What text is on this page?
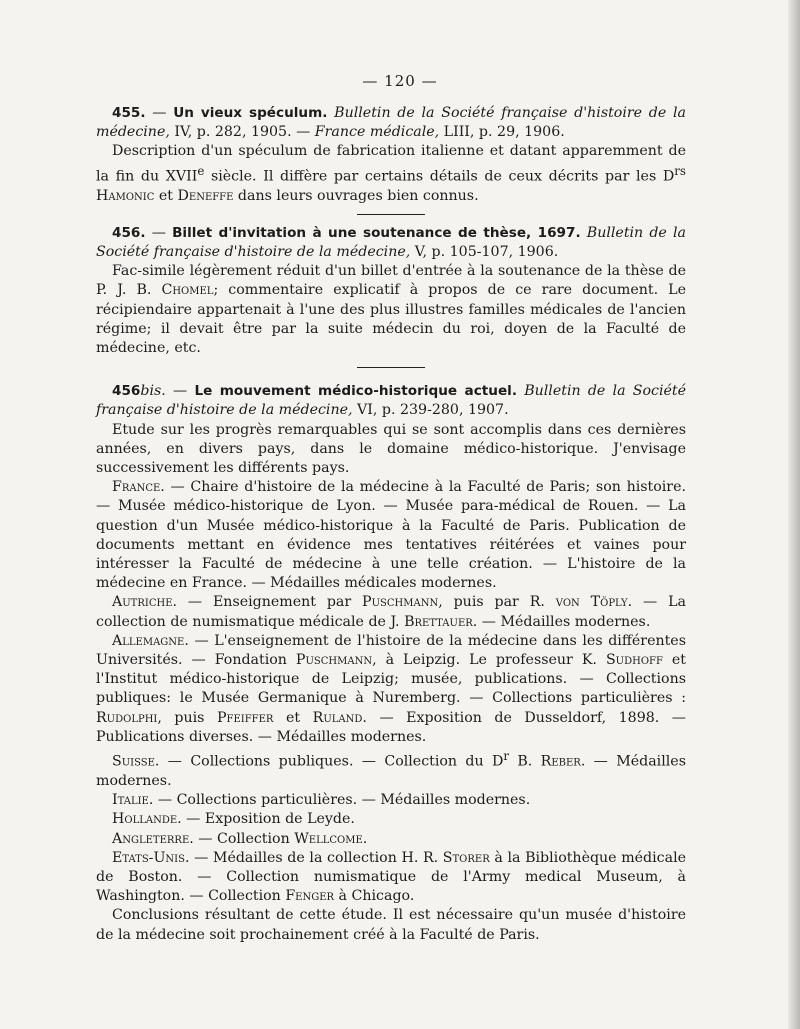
— 120 —

455. — Un vieux spéculum. Bulletin de la Société française d'histoire de la médecine, IV, p. 282, 1905. — France médicale, LIII, p. 29, 1906.

Description d'un spéculum de fabrication italienne et datant apparemment de la fin du XVIIe siècle. Il diffère par certains détails de ceux décrits par les $D^{rs}$ Hamonic et Deneffe dans leurs ouvrages bien connus.

456. — Billet d'invitation à une soutenance de thèse, 1697. Bulletin de la Société française d'histoire de la médecine, V, p. 105-107, 1906.

Fac-simile légèrement réduit d'un billet d'entrée à la soutenance de la thèse de P. J. B. Chomel; commentaire explicatif à propos de ce rare document. Le récipiendaire appartenait à l'une des plus illustres familles médicales de l'ancien régime; il devait être par la suite médecin du roi, doyen de la Faculté de médecine, etc.

456bis. — Le mouvement médico-historique actuel. Bulletin de la Société française d'histoire de la médecine, VI, p. 239-280, 1907.

Etude sur les progrès remarquables qui se sont accomplis dans ces dernières années, en divers pays, dans le domaine médico-historique. J'envisage successivement les différents pays.

France. — Chaire d'histoire de la médecine à la Faculté de Paris; son histoire. — Musée médico-historique de Lyon. — Musée para-médical de Rouen. — La question d'un Musée médico-historique à la Faculté de Paris. Publication de documents mettant en évidence mes tentatives réitérées et vaines pour intéresser la Faculté de médecine à une telle création. — L'histoire de la médecine en France. — Médailles médicales modernes.

Autriche. — Enseignement par Puschmann, puis par R. von Töply. — La collection de numismatique médicale de J. Brettauer. — Médailles modernes.

Allemagne. — L'enseignement de l'histoire de la médecine dans les différentes Universités. — Fondation Puschmann, à Leipzig. Le professeur K. Sudhoff et l'Institut médico-historique de Leipzig; musée, publications. — Collections publiques: le Musée Germanique à Nuremberg. — Collections particulières : Rudolphi, puis Pfeiffer et Ruland. — Exposition de Dusseldorf, 1898. — Publications diverses. — Médailles modernes.

Suisse. — Collections publiques. — Collection du $D^r$ B. Reber. — Médailles modernes.

Italie. — Collections particulières. — Médailles modernes.

Hollande. — Exposition de Leyde.

Angleterre. — Collection Wellcome.

Etats-Unis. — Médailles de la collection H. R. Storer à la Bibliothèque médicale de Boston. — Collection numismatique de l'Army medical Museum, à Washington. — Collection Fenger à Chicago.

Conclusions résultant de cette étude. Il est nécessaire qu'un musée d'histoire de la médecine soit prochainement créé à la Faculté de Paris.
